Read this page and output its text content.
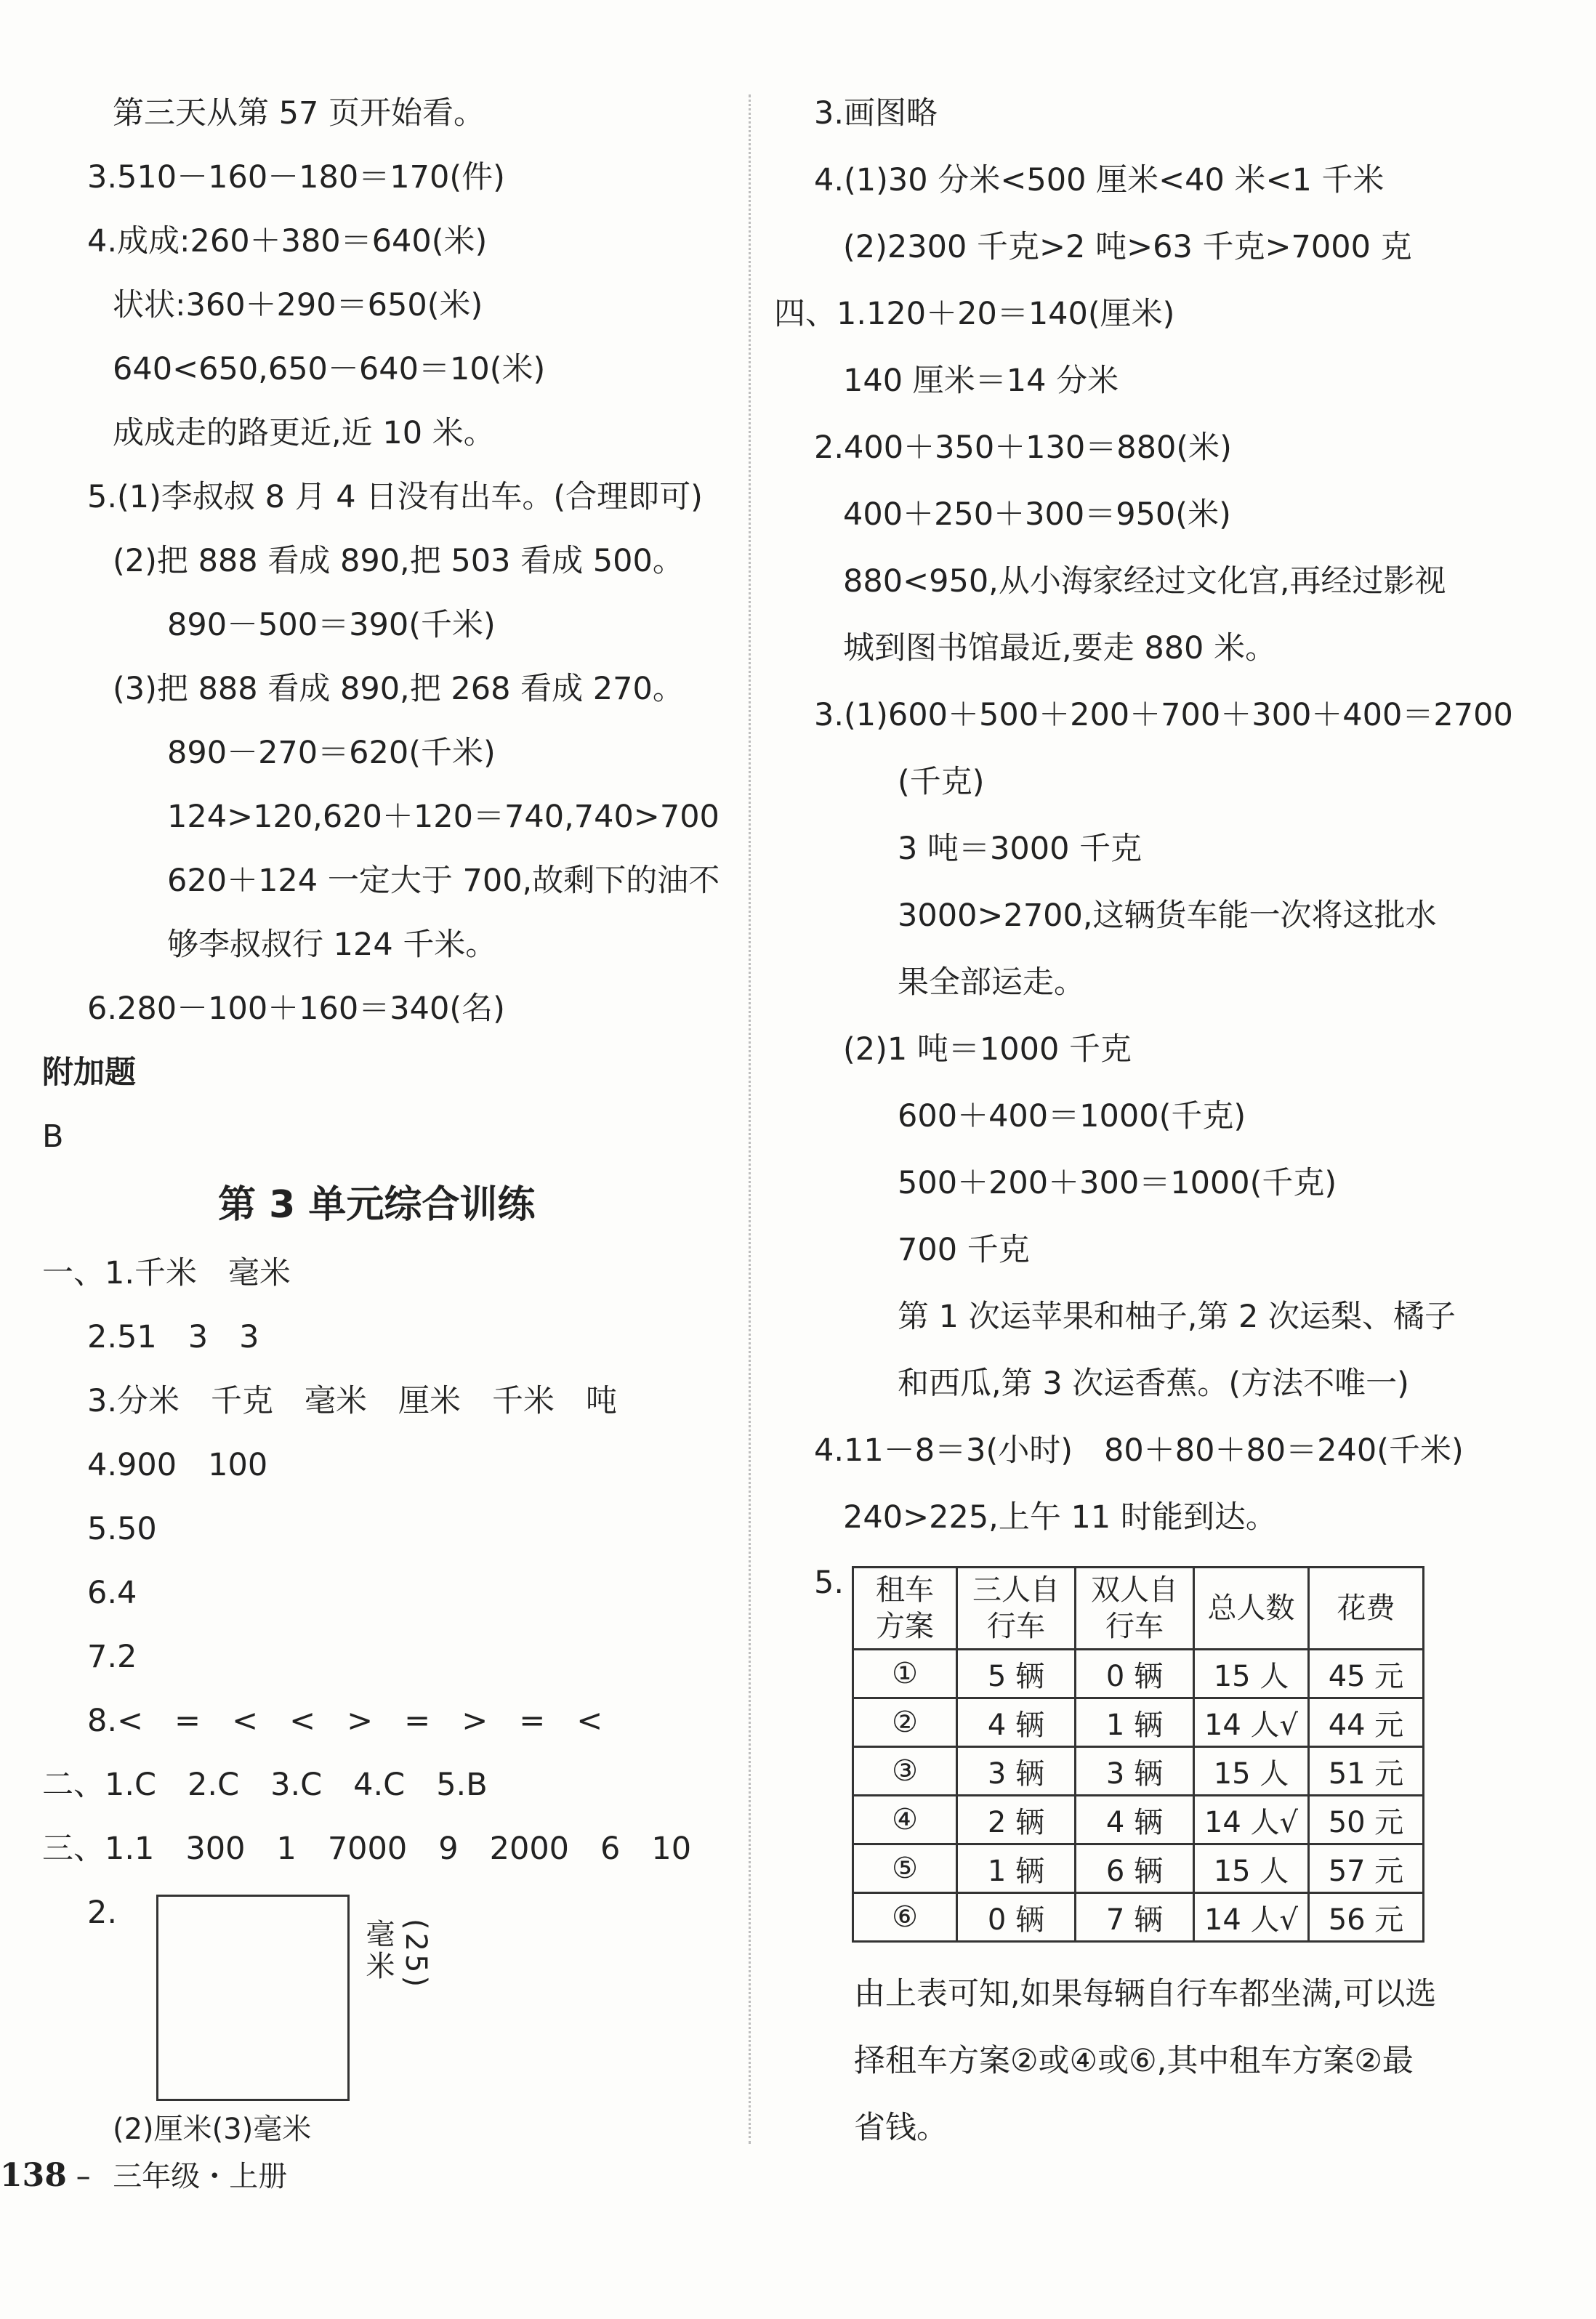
第三天从第 57 页开始看。
3.510－160－180＝170(件)
4.成成:260＋380＝640(米)
状状:360＋290＝650(米)
640<650,650－640＝10(米)
成成走的路更近,近 10 米。
5.(1)李叔叔 8 月 4 日没有出车。(合理即可)
(2)把 888 看成 890,把 503 看成 500。
890－500＝390(千米)
(3)把 888 看成 890,把 268 看成 270。
890－270＝620(千米)
124>120,620＋120＝740,740>700
620＋124 一定大于 700,故剩下的油不
够李叔叔行 124 千米。
6.280－100＋160＝340(名)
附加题
B
第 3 单元综合训练
一、1.千米　毫米
2.51　3　3
3.分米　千克　毫米　厘米　千米　吨
4.900　100
5.50
6.4
7.2
8.<　=　<　<　>　=　>　=　<
二、1.C　2.C　3.C　4.C　5.B
三、1.1　300　1　7000　9　2000　6　10
2.
(25)毫米
(2)厘米(3)毫米
3.画图略
4.(1)30 分米<500 厘米<40 米<1 千米
(2)2300 千克>2 吨>63 千克>7000 克
四、1.120＋20＝140(厘米)
140 厘米＝14 分米
2.400＋350＋130＝880(米)
400＋250＋300＝950(米)
880<950,从小海家经过文化宫,再经过影视
城到图书馆最近,要走 880 米。
3.(1)600＋500＋200＋700＋300＋400＝2700
(千克)
3 吨＝3000 千克
3000>2700,这辆货车能一次将这批水
果全部运走。
(2)1 吨＝1000 千克
600＋400＝1000(千克)
500＋200＋300＝1000(千克)
700 千克
第 1 次运苹果和柚子,第 2 次运梨、橘子
和西瓜,第 3 次运香蕉。(方法不唯一)
4.11－8＝3(小时)　80＋80＋80＝240(千米)
240>225,上午 11 时能到达。
5. 租车方案	三人自行车	双人自行车	总人数	花费
①	5 辆	0 辆	15 人	45 元
②	4 辆	1 辆	14 人√	44 元
③	3 辆	3 辆	15 人	51 元
④	2 辆	4 辆	14 人√	50 元
⑤	1 辆	6 辆	15 人	57 元
⑥	0 辆	7 辆	14 人√	56 元
由上表可知,如果每辆自行车都坐满,可以选
择租车方案②或④或⑥,其中租车方案②最
省钱。
138 – 三年级・上册
